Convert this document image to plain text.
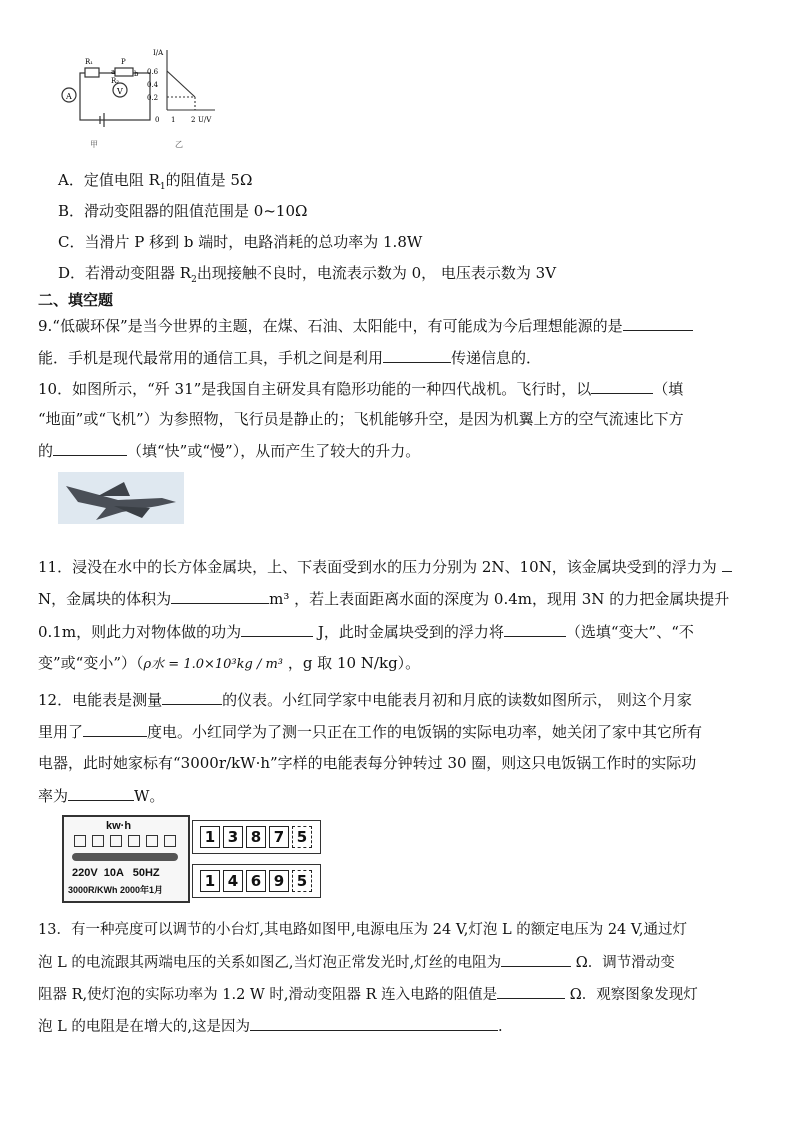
A
V
R₁
R₂
P
a	b
甲
I/A
0.6
0.4
0.2
0 1 2 U/V
乙
A．定值电阻 $R_1$的阻值是 5Ω
B．滑动变阻器的阻值范围是 0~10Ω
C．当滑片 P 移到 b 端时，电路消耗的总功率为 1.8W
D．若滑动变阻器 $R_2$出现接触不良时，电流表示数为 0， 电压表示数为 3V
二、填空题
9.“低碳环保”是当今世界的主题，在煤、石油、太阳能中，有可能成为今后理想能源的是
能．手机是现代最常用的通信工具，手机之间是利用	传递信息的．
10．如图所示，“歼 31”是我国自主研发具有隐形功能的一种四代战机。飞行时，以	（填
“地面”或“飞机”）为参照物，飞行员是静止的；飞机能够升空，是因为机翼上方的空气流速比下方
的	（填“快”或“慢”），从而产生了较大的升力。
11．浸没在水中的长方体金属块，上、下表面受到水的压力分别为 2N、10N，该金属块受到的浮力为
N，金属块的体积为	m³ ，若上表面距离水面的深度为 0.4m，现用 3N 的力把金属块提升
0.1m，则此力对物体做的功为	J，此时金属块受到的浮力将	（选填“变大”、“不
变”或“变小”）（ρ水 = 1.0×10³kg / m³ ，g 取 10 N/kg）。
12．电能表是测量	的仪表。小红同学家中电能表月初和月底的读数如图所示， 则这个月家
里用了	度电。小红同学为了测一只正在工作的电饭锅的实际电功率，她关闭了家中其它所有
电器，此时她家标有“3000r/kW·h”字样的电能表每分钟转过 30 圈，则这只电饭锅工作时的实际功
率为	W。
kw·h
220V  10A   50HZ
3000R/KWh 2000年1月
1 3 8 7 5
1 4 6 9 5
13．有一种亮度可以调节的小台灯,其电路如图甲,电源电压为 24 V,灯泡 L 的额定电压为 24 V,通过灯
泡 L 的电流跟其两端电压的关系如图乙,当灯泡正常发光时,灯丝的电阻为	Ω．调节滑动变
阻器 R,使灯泡的实际功率为 1.2 W 时,滑动变阻器 R 连入电路的阻值是	Ω．观察图象发现灯
泡 L 的电阻是在增大的,这是因为	.
